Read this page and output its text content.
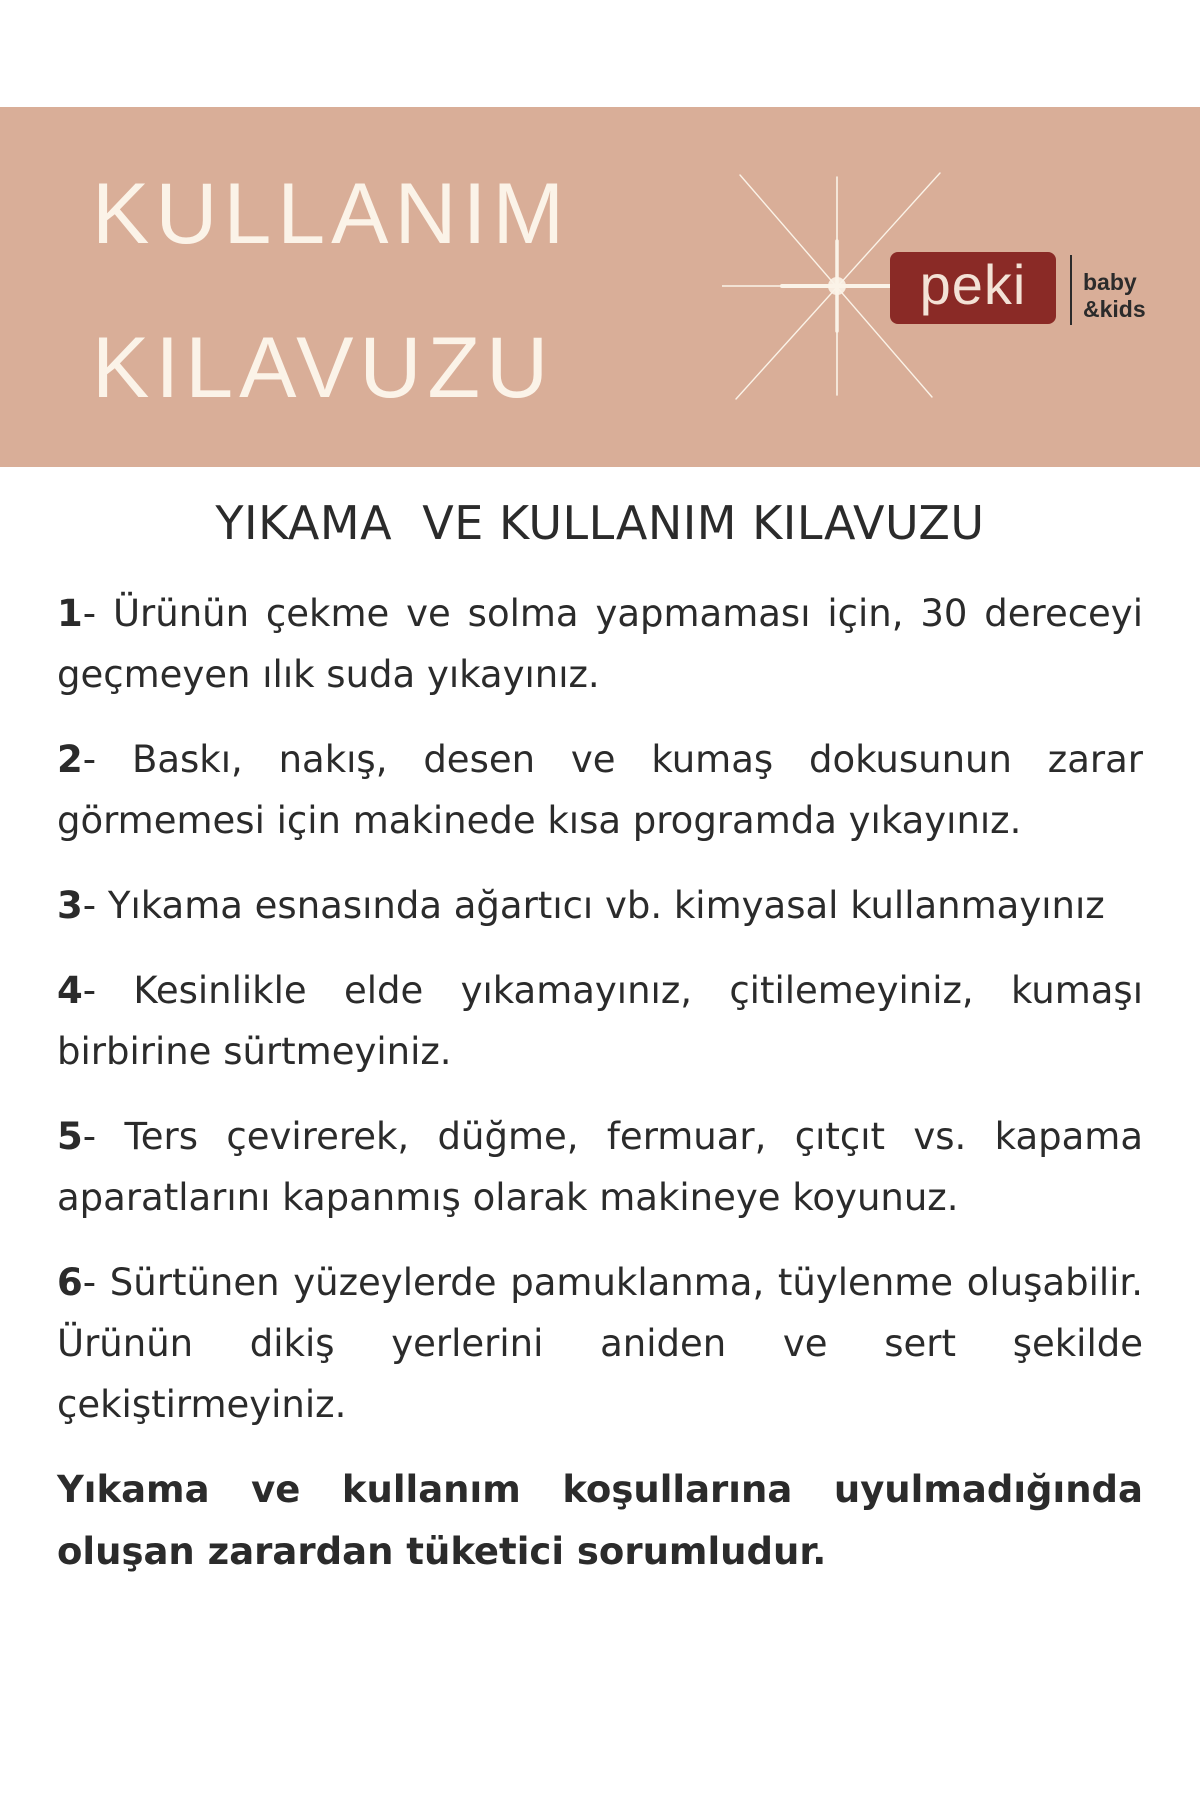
KULLANIM
KILAVUZU
peki baby
&kids
YIKAMA  VE KULLANIM KILAVUZU

1- Ürünün çekme ve solma yapmaması için, 30 dereceyi geçmeyen ılık suda yıkayınız.

2- Baskı, nakış, desen ve kumaş dokusunun zarar görmemesi için makinede kısa programda yıkayınız.

3- Yıkama esnasında ağartıcı vb. kimyasal kullanmayınız

4- Kesinlikle elde yıkamayınız, çitilemeyiniz, kumaşı birbirine sürtmeyiniz.

5- Ters çevirerek, düğme, fermuar, çıtçıt vs. kapama aparatlarını kapanmış olarak makineye koyunuz.

6- Sürtünen yüzeylerde pamuklanma, tüylenme oluşabilir. Ürünün dikiş yerlerini aniden ve sert şekilde çekiştirmeyiniz.

Yıkama ve kullanım koşullarına uyulmadığında oluşan zarardan tüketici sorumludur.
